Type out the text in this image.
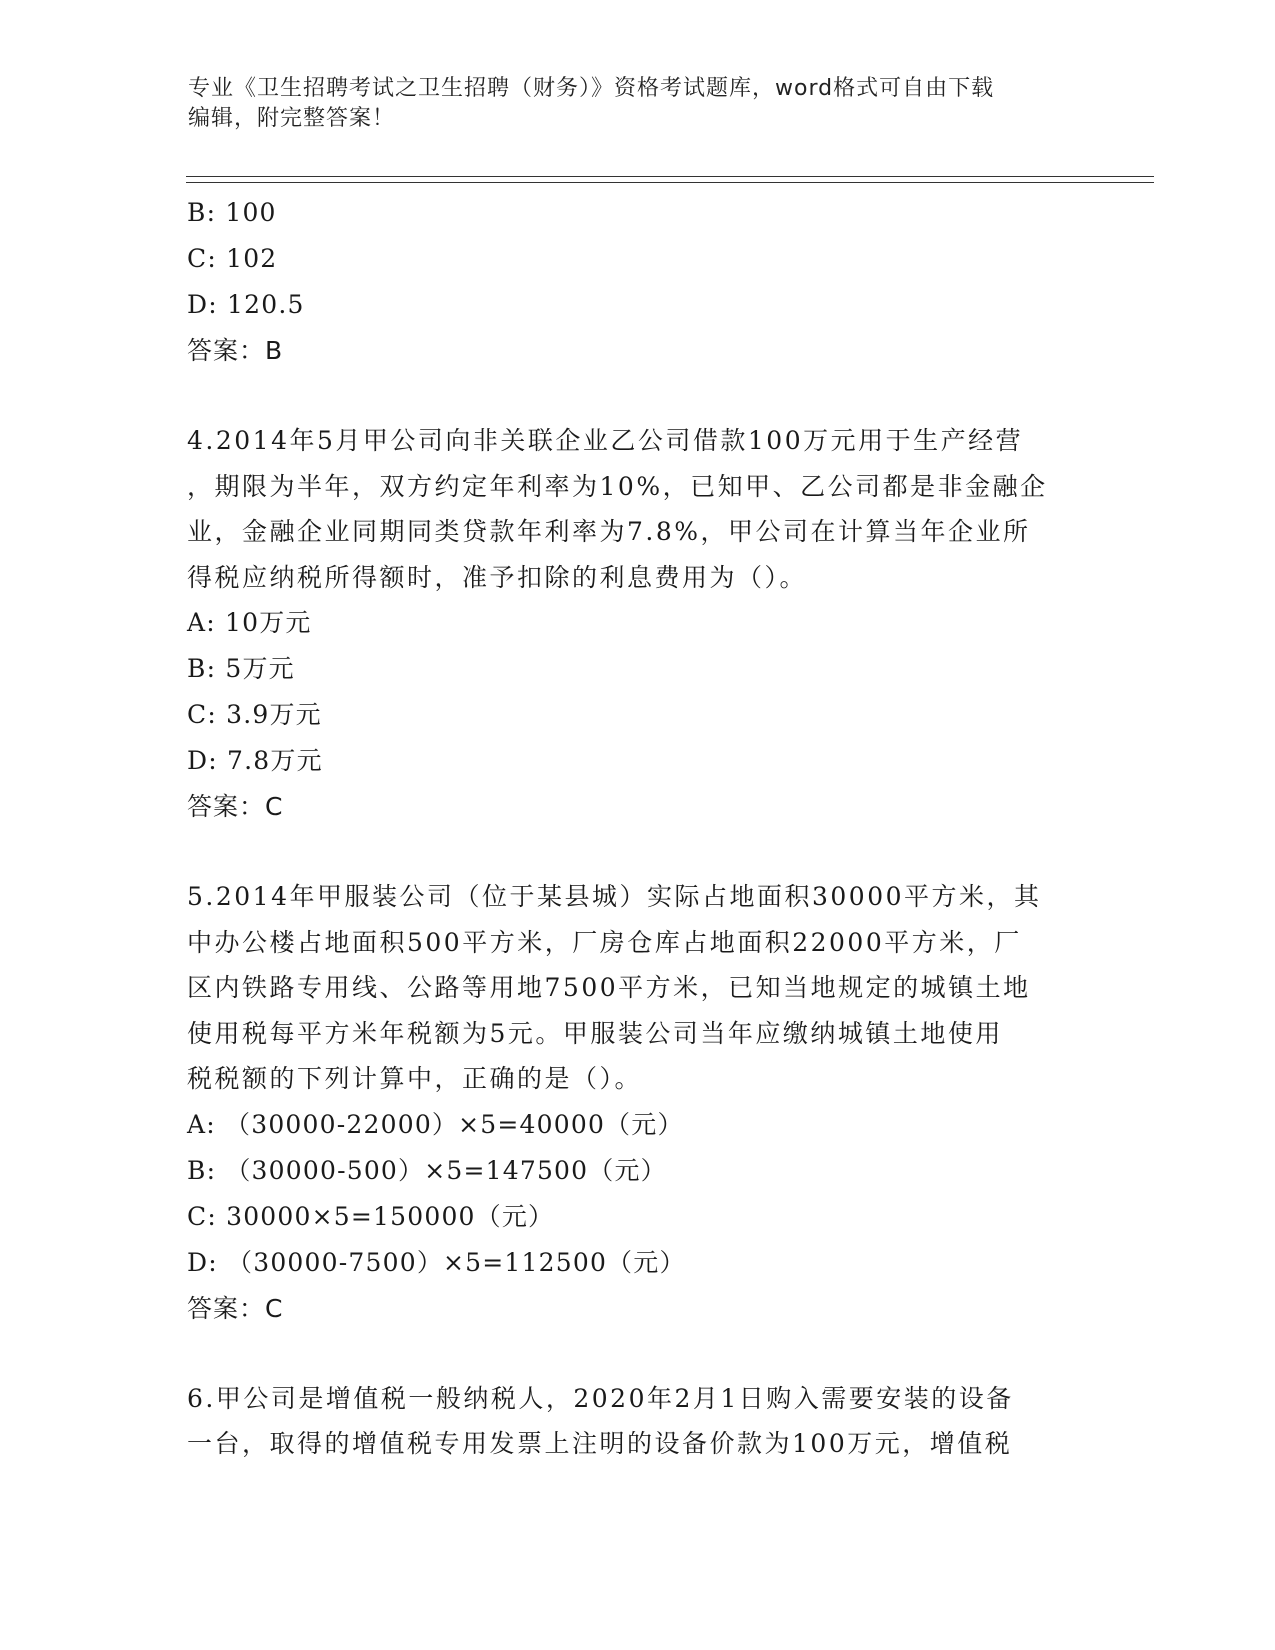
专业《卫生招聘考试之卫生招聘（财务）》资格考试题库，word格式可自由下载
编辑，附完整答案！
B: 100
C: 102
D: 120.5
答案：B
4.2014年5月甲公司向非关联企业乙公司借款100万元用于生产经营
，期限为半年，双方约定年利率为10%，已知甲、乙公司都是非金融企
业，金融企业同期同类贷款年利率为7.8%，甲公司在计算当年企业所
得税应纳税所得额时，准予扣除的利息费用为（）。
A: 10万元
B: 5万元
C: 3.9万元
D: 7.8万元
答案：C
5.2014年甲服装公司（位于某县城）实际占地面积30000平方米，其
中办公楼占地面积500平方米，厂房仓库占地面积22000平方米，厂
区内铁路专用线、公路等用地7500平方米，已知当地规定的城镇土地
使用税每平方米年税额为5元。甲服装公司当年应缴纳城镇土地使用
税税额的下列计算中，正确的是（）。
A: （30000-22000）×5=40000（元）
B: （30000-500）×5=147500（元）
C: 30000×5=150000（元）
D: （30000-7500）×5=112500（元）
答案：C
6.甲公司是增值税一般纳税人，2020年2月1日购入需要安装的设备
一台，取得的增值税专用发票上注明的设备价款为100万元，增值税
